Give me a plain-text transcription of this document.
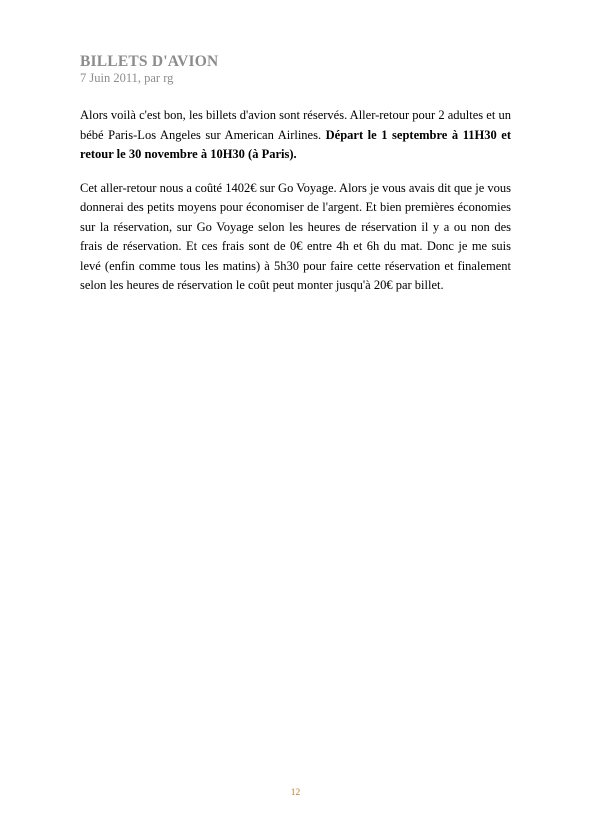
BILLETS D'AVION
7 Juin 2011, par rg

Alors voilà c'est bon, les billets d'avion sont réservés. Aller-retour pour 2 adultes et un bébé Paris-Los Angeles sur American Airlines. Départ le 1 septembre à 11H30 et retour le 30 novembre à 10H30 (à Paris).

Cet aller-retour nous a coûté 1402€ sur Go Voyage. Alors je vous avais dit que je vous donnerai des petits moyens pour économiser de l'argent. Et bien premières économies sur la réservation, sur Go Voyage selon les heures de réservation il y a ou non des frais de réservation. Et ces frais sont de 0€ entre 4h et 6h du mat. Donc je me suis levé (enfin comme tous les matins) à 5h30 pour faire cette réservation et finalement selon les heures de réservation le coût peut monter jusqu'à 20€ par billet.

12
